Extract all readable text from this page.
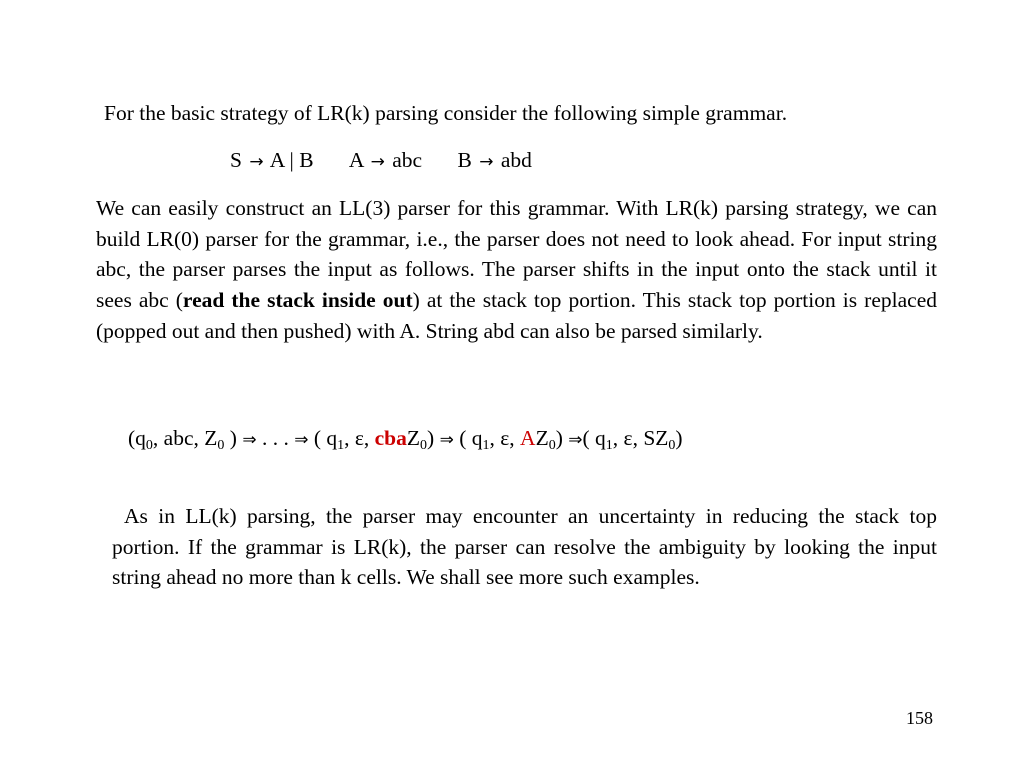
For the basic strategy of LR(k) parsing consider the following simple grammar.

S → A | B A → abc B → abd

We can easily construct an LL(3) parser for this grammar. With LR(k) parsing strategy, we can build LR(0) parser for the grammar, i.e., the parser does not need to look ahead. For input string abc, the parser parses the input as follows. The parser shifts in the input onto the stack until it sees abc (read the stack inside out) at the stack top portion. This stack top portion is replaced (popped out and then pushed) with A. String abd can also be parsed similarly.

($q_0$, abc, $Z_0$ ) ⇒ . . . ⇒ ( $q_1$, ε, cbaZ$_0$) ⇒ ( $q_1$, ε, $AZ_0$) ⇒( $q_1$, ε, $SZ_0$)

As in LL(k) parsing, the parser may encounter an uncertainty in reducing the stack top portion. If the grammar is LR(k), the parser can resolve the ambiguity by looking the input string ahead no more than k cells. We shall see more such examples.

158
